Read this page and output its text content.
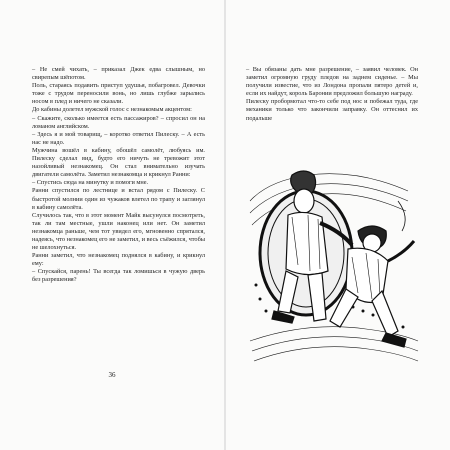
– Не смей чихать, – приказал Джек едва слышным, но свирепым шёпотом.

Поль, стараясь подавить приступ удушья, побагровел. Девочки тоже с трудом переносили вонь, но лишь глубже зарылись носом в плед и ничего не сказали.

До кабины долетел мужской голос с незнакомым акцентом:

– Скажите, сколько имеется есть пассажиров? – спросил он на ломаном английском.

– Здесь я и мой товарищ, – коротко ответил Пилеску. – А есть нас не надо.

Мужчина вошёл в кабину, обошёл самолёт, любуясь им. Пилеску сделал вид, будто его ничуть не тревожит этот назойливый незнакомец. Он стал внимательно изучать двигатели самолёта. Заметил незнакомца и крикнул Ранни:

– Спустись сюда на минутку и помоги мне.

Ранни спустился по лестнице и встал рядом с Пилеску. С быстротой молнии один из чужаков влетел по трапу и заглянул в кабину самолёта.

Случилось так, что в этот момент Майк высунулся посмотреть, так ли там местные, ушли наконец или нет. Он заметил незнакомца раньше, чем тот увидел его, мгновенно спрятался, надеясь, что незнакомец его не заметил, и весь съёжился, чтобы не шелохнуться.

Ранни заметил, что незнакомец поднялся в кабину, и крикнул ему:

– Спускайся, парень! Ты всегда так ломишься в чужую дверь без разрешения?

36

– Вы обязаны дать мне разрешение, – заявил человек. Он заметил огромную груду пледов на заднем сиденье. – Мы получили известие, что из Лондона пропали пятеро детей и, если их найдут, король Баронии предложил большую награду.

Пилеску пробормотал что-то себе под нос и побежал туда, где механики только что закончили заправку. Он оттеснил их подальше
